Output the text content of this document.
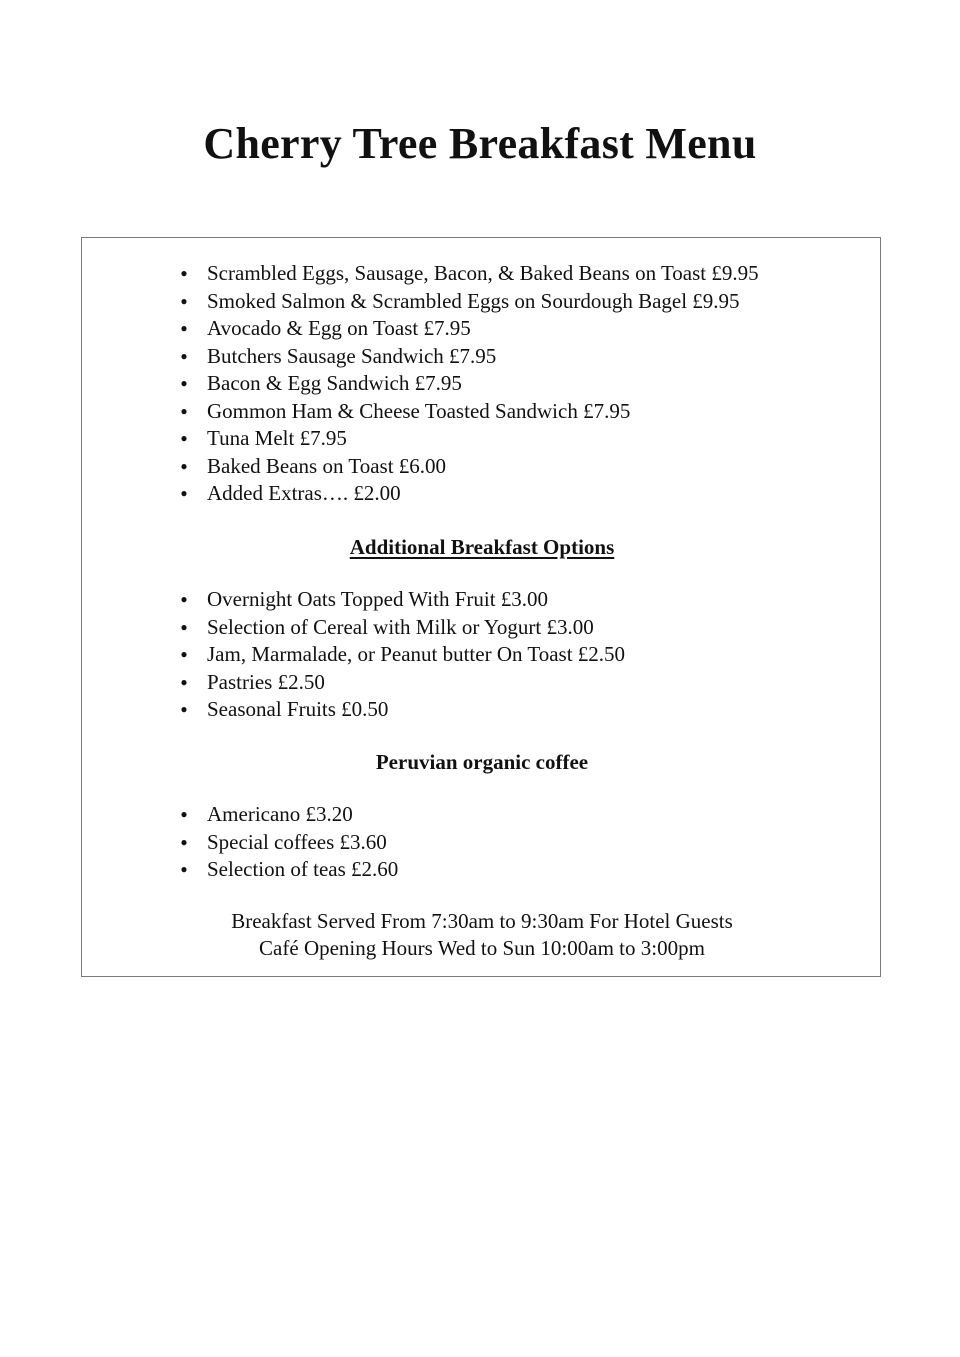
Cherry Tree Breakfast Menu
● Scrambled Eggs, Sausage, Bacon, & Baked Beans on Toast £9.95
● Smoked Salmon & Scrambled Eggs on Sourdough Bagel £9.95
● Avocado & Egg on Toast £7.95
● Butchers Sausage Sandwich £7.95
● Bacon & Egg Sandwich £7.95
● Gommon Ham & Cheese Toasted Sandwich £7.95
● Tuna Melt £7.95
● Baked Beans on Toast £6.00
● Added Extras…. £2.00
Additional Breakfast Options
● Overnight Oats Topped With Fruit £3.00
● Selection of Cereal with Milk or Yogurt £3.00
● Jam, Marmalade, or Peanut butter On Toast £2.50
● Pastries £2.50
● Seasonal Fruits £0.50
Peruvian organic coffee
● Americano £3.20
● Special coffees £3.60
● Selection of teas £2.60
Breakfast Served From 7:30am to 9:30am For Hotel Guests
Café Opening Hours Wed to Sun 10:00am to 3:00pm
